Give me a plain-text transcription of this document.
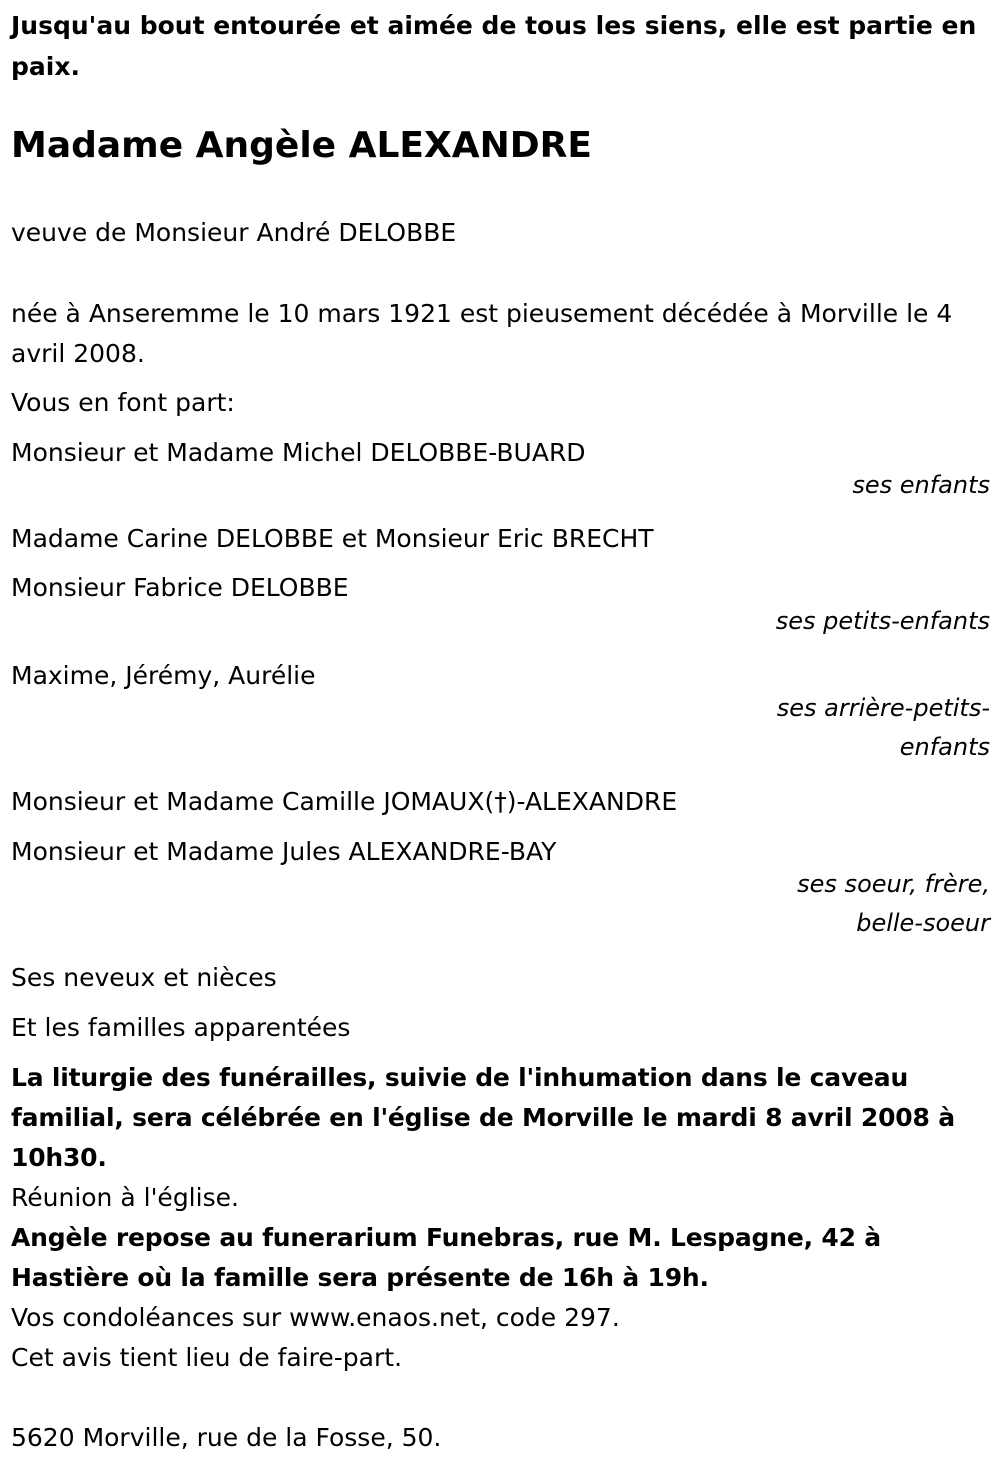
Jusqu'au bout entourée et aimée de tous les siens, elle est partie en paix.
Madame Angèle ALEXANDRE
veuve de Monsieur André DELOBBE
née à Anseremme le 10 mars 1921 est pieusement décédée à Morville le 4 avril 2008.
Vous en font part:
Monsieur et Madame Michel DELOBBE-BUARD
ses enfants
Madame Carine DELOBBE et Monsieur Eric BRECHT
Monsieur Fabrice DELOBBE
ses petits-enfants
Maxime, Jérémy, Aurélie
ses arrière-petits-
enfants
Monsieur et Madame Camille JOMAUX(†)-ALEXANDRE
Monsieur et Madame Jules ALEXANDRE-BAY
ses soeur, frère,
belle-soeur
Ses neveux et nièces
Et les familles apparentées
La liturgie des funérailles, suivie de l'inhumation dans le caveau familial, sera célébrée en l'église de Morville le mardi 8 avril 2008 à 10h30.
Réunion à l'église.
Angèle repose au funerarium Funebras, rue M. Lespagne, 42 à Hastière où la famille sera présente de 16h à 19h.
Vos condoléances sur www.enaos.net, code 297.
Cet avis tient lieu de faire-part.
5620 Morville, rue de la Fosse, 50.
